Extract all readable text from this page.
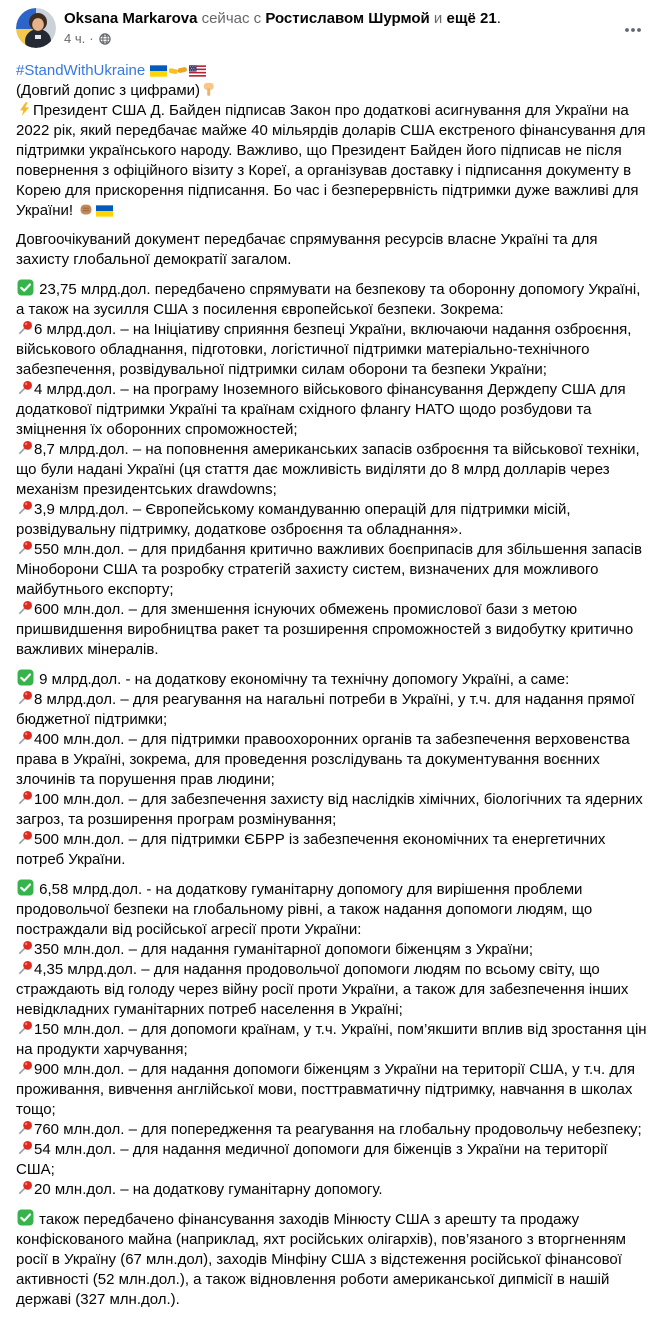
Oksana Markarova сейчас с Ростиславом Шурмой и ещё 21.
4 ч. ·
#StandWithUkraine
(Довгий допис з цифрами)
Президент США Д. Байден підписав Закон про додаткові асигнування для України на 2022 рік, який передбачає майже 40 мільярдів доларів США екстреного фінансування для підтримки українського народу. Важливо, що Президент Байден його підписав не після повернення з офіційного візиту з Кореї, а організував доставку і підписання документу в Корею для прискорення підписання. Бо час і безперервність підтримки дуже важливі для України!
Довгоочікуваний документ передбачає спрямування ресурсів власне Україні та для захисту глобальної демократії загалом.
23,75 млрд.дол. передбачено спрямувати на безпекову та оборонну допомогу Україні, а також на зусилля США з посилення європейської безпеки. Зокрема:
6 млрд.дол. – на Ініціативу сприяння безпеці України, включаючи надання озброєння, військового обладнання, підготовки, логістичної підтримки матеріально-технічного забезпечення, розвідувальної підтримки силам оборони та безпеки України;
4 млрд.дол. – на програму Іноземного військового фінансування Держдепу США для додаткової підтримки Україні та країнам східного флангу НАТО щодо розбудови та зміцнення їх оборонних спроможностей;
8,7 млрд.дол. – на поповнення американських запасів озброєння та військової техніки, що були надані Україні (ця стаття дає можливість виділяти до 8 млрд долларів через механізм президентських drawdowns;
3,9 млрд.дол. – Європейському командуванню операцій для підтримки місій, розвідувальну підтримку, додаткове озброєння та обладнання».
550 млн.дол. – для придбання критично важливих боєприпасів для збільшення запасів Міноборони США та розробку стратегій захисту систем, визначених для можливого майбутнього експорту;
600 млн.дол. – для зменшення існуючих обмежень промислової бази з метою пришвидшення виробництва ракет та розширення спроможностей з видобутку критично важливих мінералів.
9 млрд.дол. - на додаткову економічну та технічну допомогу Україні, а саме:
8 млрд.дол. – для реагування на нагальні потреби в Україні, у т.ч. для надання прямої бюджетної підтримки;
400 млн.дол. – для підтримки правоохоронних органів та забезпечення верховенства права в Україні, зокрема, для проведення розслідувань та документування воєнних злочинів та порушення прав людини;
100 млн.дол. – для забезпечення захисту від наслідків хімічних, біологічних та ядерних загроз, та розширення програм розмінування;
500 млн.дол. – для підтримки ЄБРР із забезпечення економічних та енергетичних потреб України.
6,58 млрд.дол. - на додаткову гуманітарну допомогу для вирішення проблеми продовольчої безпеки на глобальному рівні, а також надання допомоги людям, що постраждали від російської агресії проти України:
350 млн.дол. – для надання гуманітарної допомоги біженцям з України;
4,35 млрд.дол. – для надання продовольчої допомоги людям по всьому світу, що страждають від голоду через війну росії проти України, а також для забезпечення інших невідкладних гуманітарних потреб населення в Україні;
150 млн.дол. – для допомоги країнам, у т.ч. Україні, пом’якшити вплив від зростання цін на продукти харчування;
900 млн.дол. – для надання допомоги біженцям з України на території США, у т.ч. для проживання, вивчення англійської мови, посттравматичну підтримку, навчання в школах тощо;
760 млн.дол. – для попередження та реагування на глобальну продовольчу небезпеку;
54 млн.дол. – для надання медичної допомоги для біженців з України на території США;
20 млн.дол. – на додаткову гуманітарну допомогу.
також передбачено фінансування заходів Мінюсту США з арешту та продажу конфіскованого майна (наприклад, яхт російських олігархів), пов’язаного з вторгненням росії в Україну (67 млн.дол), заходів Мінфіну США з відстеження російської фінансової активності (52 млн.дол.), а також відновлення роботи американської дипмісії в нашій державі (327 млн.дол.).
